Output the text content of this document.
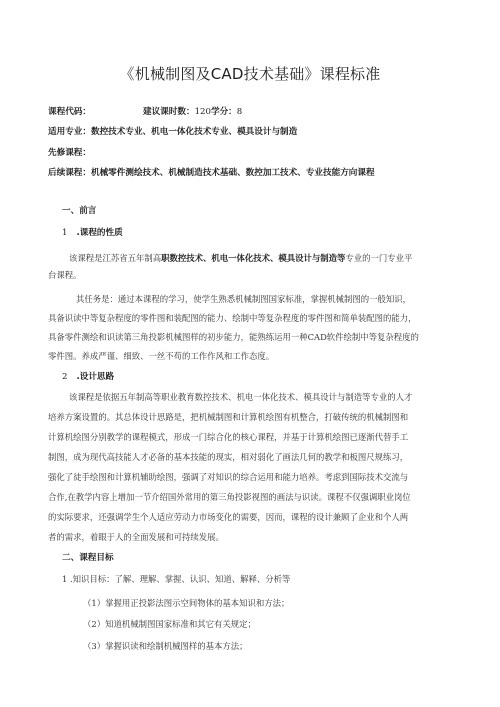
《机械制图及CAD技术基础》课程标准
课程代码：	建议课时数：120学分：8
适用专业：数控技术专业、机电一体化技术专业、模具设计与制造
先修课程：
后续课程：机械零件测绘技术、机械制造技术基础、数控加工技术、专业技能方向课程
一、前言
1 .课程的性质
该课程是江苏省五年制高职数控技术、机电一体化技术、模具设计与制造等专业的一门专业平
台课程。
其任务是：通过本课程的学习，使学生熟悉机械制图国家标准，掌握机械制图的一般知识，
具备识读中等复杂程度的零件图和装配图的能力、绘制中等复杂程度的零件图和简单装配图的能力，
具备零件测绘和识读第三角投影机械图样的初步能力，能熟练运用一种CAD软件绘制中等复杂程度的
零件图。养成严谨、细致、一丝不苟的工作作风和工作态度。
2 .设计思路
该课程是依据五年制高等职业教育数控技术、机电一体化技术、模具设计与制造等专业的人才
培养方案设置的。其总体设计思路是，把机械制图和计算机绘图有机整合，打破传统的机械制图和
计算机绘图分别教学的课程模式，形成一门综合化的核心课程，并基于计算机绘图已逐渐代替手工
制图，成为现代高技能人才必备的基本技能的现实，相对弱化了画法几何的教学和板图尺规练习，
强化了徒手绘图和计算机辅助绘图，强调了对知识的综合运用和能力培养。考虑到国际技术交流与
合作,在教学内容上增加一节介绍国外常用的第三角投影视图的画法与识读。课程不仅强调职业岗位
的实际要求，还强调学生个人适应劳动力市场变化的需要，因而，课程的设计兼顾了企业和个人两
者的需求，着眼于人的全面发展和可持续发展。
二、课程目标
1 .知识目标：了解、理解、掌握、认识、知道、解释、分析等
（1）掌握用正投影法图示空间物体的基本知识和方法；
（2）知道机械制图国家标准和其它有关规定；
（3）掌握识读和绘制机械图样的基本方法；
